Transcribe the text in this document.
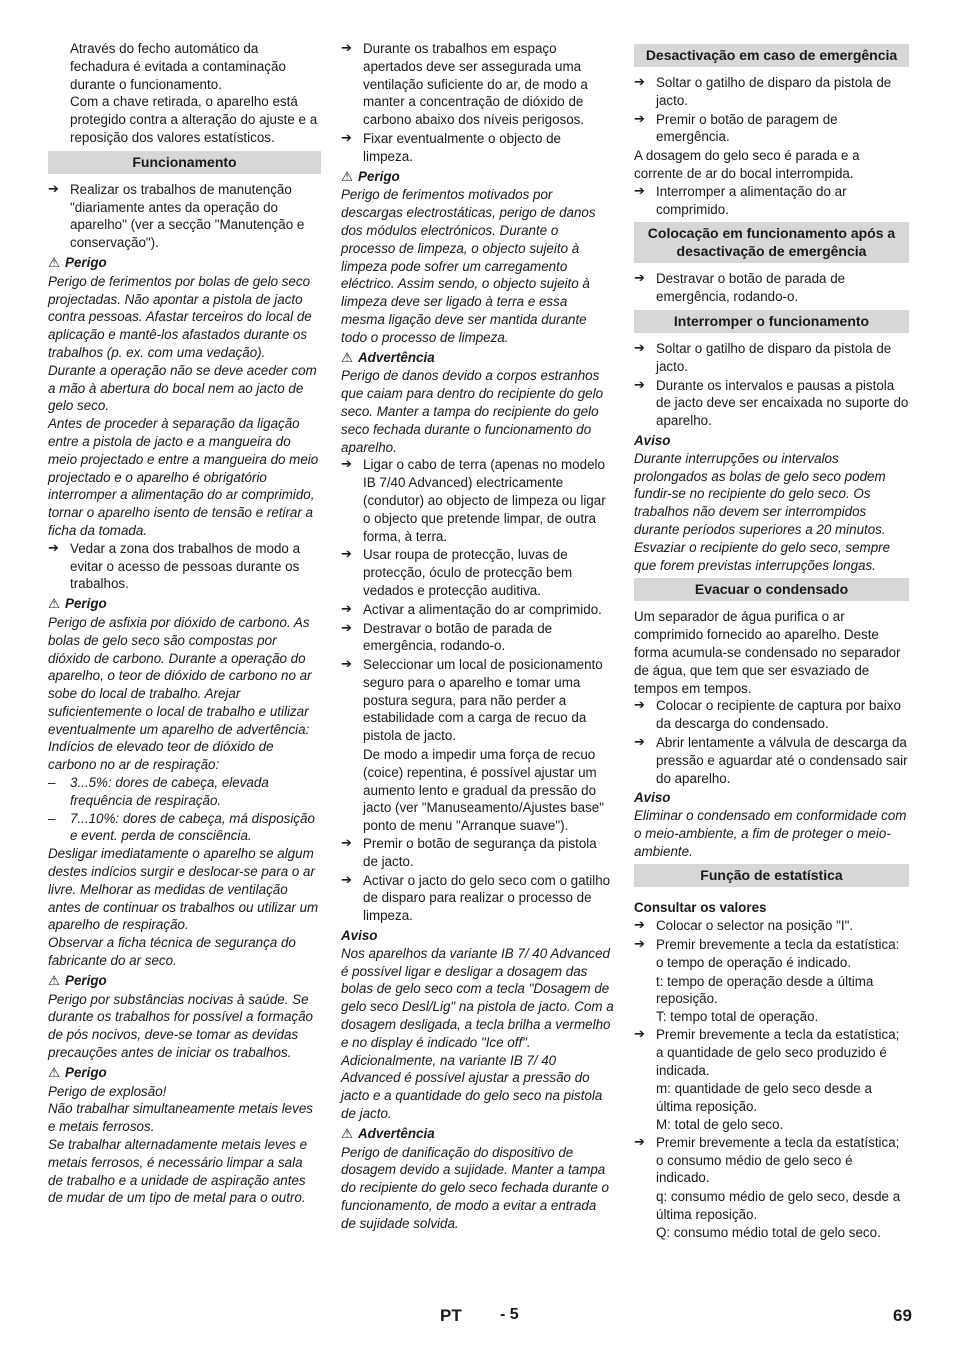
Através do fecho automático da fechadura é evitada a contaminação durante o funcionamento.

Com a chave retirada, o aparelho está protegido contra a alteração do ajuste e a reposição dos valores estatísticos.

Funcionamento

➔ Realizar os trabalhos de manutenção "diariamente antes da operação do aparelho" (ver a secção "Manutenção e conservação").

⚠ Perigo

Perigo de ferimentos por bolas de gelo seco projectadas. Não apontar a pistola de jacto contra pessoas. Afastar terceiros do local de aplicação e mantê-los afastados durante os trabalhos (p. ex. com uma vedação).

Durante a operação não se deve aceder com a mão à abertura do bocal nem ao jacto de gelo seco.

Antes de proceder à separação da ligação entre a pistola de jacto e a mangueira do meio projectado e entre a mangueira do meio projectado e o aparelho é obrigatório interromper a alimentação do ar comprimido, tornar o aparelho isento de tensão e retirar a ficha da tomada.

➔ Vedar a zona dos trabalhos de modo a evitar o acesso de pessoas durante os trabalhos.

⚠ Perigo

Perigo de asfixia por dióxido de carbono. As bolas de gelo seco são compostas por dióxido de carbono. Durante a operação do aparelho, o teor de dióxido de carbono no ar sobe do local de trabalho. Arejar suficientemente o local de trabalho e utilizar eventualmente um aparelho de advertência: Indícios de elevado teor de dióxido de carbono no ar de respiração:

– 3...5%: dores de cabeça, elevada frequência de respiração.

– 7...10%: dores de cabeça, má disposição e event. perda de consciência.

Desligar imediatamente o aparelho se algum destes indícios surgir e deslocar-se para o ar livre. Melhorar as medidas de ventilação antes de continuar os trabalhos ou utilizar um aparelho de respiração.

Observar a ficha técnica de segurança do fabricante do ar seco.

⚠ Perigo

Perigo por substâncias nocivas à saúde. Se durante os trabalhos for possível a formação de pós nocivos, deve-se tomar as devidas precauções antes de iniciar os trabalhos.

⚠ Perigo

Perigo de explosão!

Não trabalhar simultaneamente metais leves e metais ferrosos.

Se trabalhar alternadamente metais leves e metais ferrosos, é necessário limpar a sala de trabalho e a unidade de aspiração antes de mudar de um tipo de metal para o outro.

➔ Durante os trabalhos em espaço apertados deve ser assegurada uma ventilação suficiente do ar, de modo a manter a concentração de dióxido de carbono abaixo dos níveis perigosos.

➔ Fixar eventualmente o objecto de limpeza.

⚠ Perigo

Perigo de ferimentos motivados por descargas electrostáticas, perigo de danos dos módulos electrónicos. Durante o processo de limpeza, o objecto sujeito à limpeza pode sofrer um carregamento eléctrico. Assim sendo, o objecto sujeito à limpeza deve ser ligado à terra e essa mesma ligação deve ser mantida durante todo o processo de limpeza.

⚠ Advertência

Perigo de danos devido a corpos estranhos que caiam para dentro do recipiente do gelo seco. Manter a tampa do recipiente do gelo seco fechada durante o funcionamento do aparelho.

➔ Ligar o cabo de terra (apenas no modelo IB 7/40 Advanced) electricamente (condutor) ao objecto de limpeza ou ligar o objecto que pretende limpar, de outra forma, à terra.

➔ Usar roupa de protecção, luvas de protecção, óculo de protecção bem vedados e protecção auditiva.

➔ Activar a alimentação do ar comprimido.

➔ Destravar o botão de parada de emergência, rodando-o.

➔ Seleccionar um local de posicionamento seguro para o aparelho e tomar uma postura segura, para não perder a estabilidade com a carga de recuo da pistola de jacto.

De modo a impedir uma força de recuo (coice) repentina, é possível ajustar um aumento lento e gradual da pressão do jacto (ver "Manuseamento/Ajustes base" ponto de menu "Arranque suave").

➔ Premir o botão de segurança da pistola de jacto.

➔ Activar o jacto do gelo seco com o gatilho de disparo para realizar o processo de limpeza.

Aviso

Nos aparelhos da variante IB 7/ 40 Advanced é possível ligar e desligar a dosagem das bolas de gelo seco com a tecla "Dosagem de gelo seco Desl/Lig" na pistola de jacto. Com a dosagem desligada, a tecla brilha a vermelho e no display é indicado "Ice off".

Adicionalmente, na variante IB 7/ 40 Advanced é possível ajustar a pressão do jacto e a quantidade do gelo seco na pistola de jacto.

⚠ Advertência

Perigo de danificação do dispositivo de dosagem devido a sujidade. Manter a tampa do recipiente do gelo seco fechada durante o funcionamento, de modo a evitar a entrada de sujidade solvida.

Desactivação em caso de emergência

➔ Soltar o gatilho de disparo da pistola de jacto.

➔ Premir o botão de paragem de emergência.

A dosagem do gelo seco é parada e a corrente de ar do bocal interrompida.

➔ Interromper a alimentação do ar comprimido.

Colocação em funcionamento após a desactivação de emergência

➔ Destravar o botão de parada de emergência, rodando-o.

Interromper o funcionamento

➔ Soltar o gatilho de disparo da pistola de jacto.

➔ Durante os intervalos e pausas a pistola de jacto deve ser encaixada no suporte do aparelho.

Aviso

Durante interrupções ou intervalos prolongados as bolas de gelo seco podem fundir-se no recipiente do gelo seco. Os trabalhos não devem ser interrompidos durante períodos superiores a 20 minutos. Esvaziar o recipiente do gelo seco, sempre que forem previstas interrupções longas.

Evacuar o condensado

Um separador de água purifica o ar comprimido fornecido ao aparelho. Deste forma acumula-se condensado no separador de água, que tem que ser esvaziado de tempos em tempos.

➔ Colocar o recipiente de captura por baixo da descarga do condensado.

➔ Abrir lentamente a válvula de descarga da pressão e aguardar até o condensado sair do aparelho.

Aviso

Eliminar o condensado em conformidade com o meio-ambiente, a fim de proteger o meio-ambiente.

Função de estatística

Consultar os valores

➔ Colocar o selector na posição "I".

➔ Premir brevemente a tecla da estatística: o tempo de operação é indicado.

t: tempo de operação desde a última reposição.

T: tempo total de operação.

➔ Premir brevemente a tecla da estatística; a quantidade de gelo seco produzido é indicada.

m: quantidade de gelo seco desde a última reposição.

M: total de gelo seco.

➔ Premir brevemente a tecla da estatística; o consumo médio de gelo seco é indicado.

q: consumo médio de gelo seco, desde a última reposição.

Q: consumo médio total de gelo seco.

PT - 5	69
